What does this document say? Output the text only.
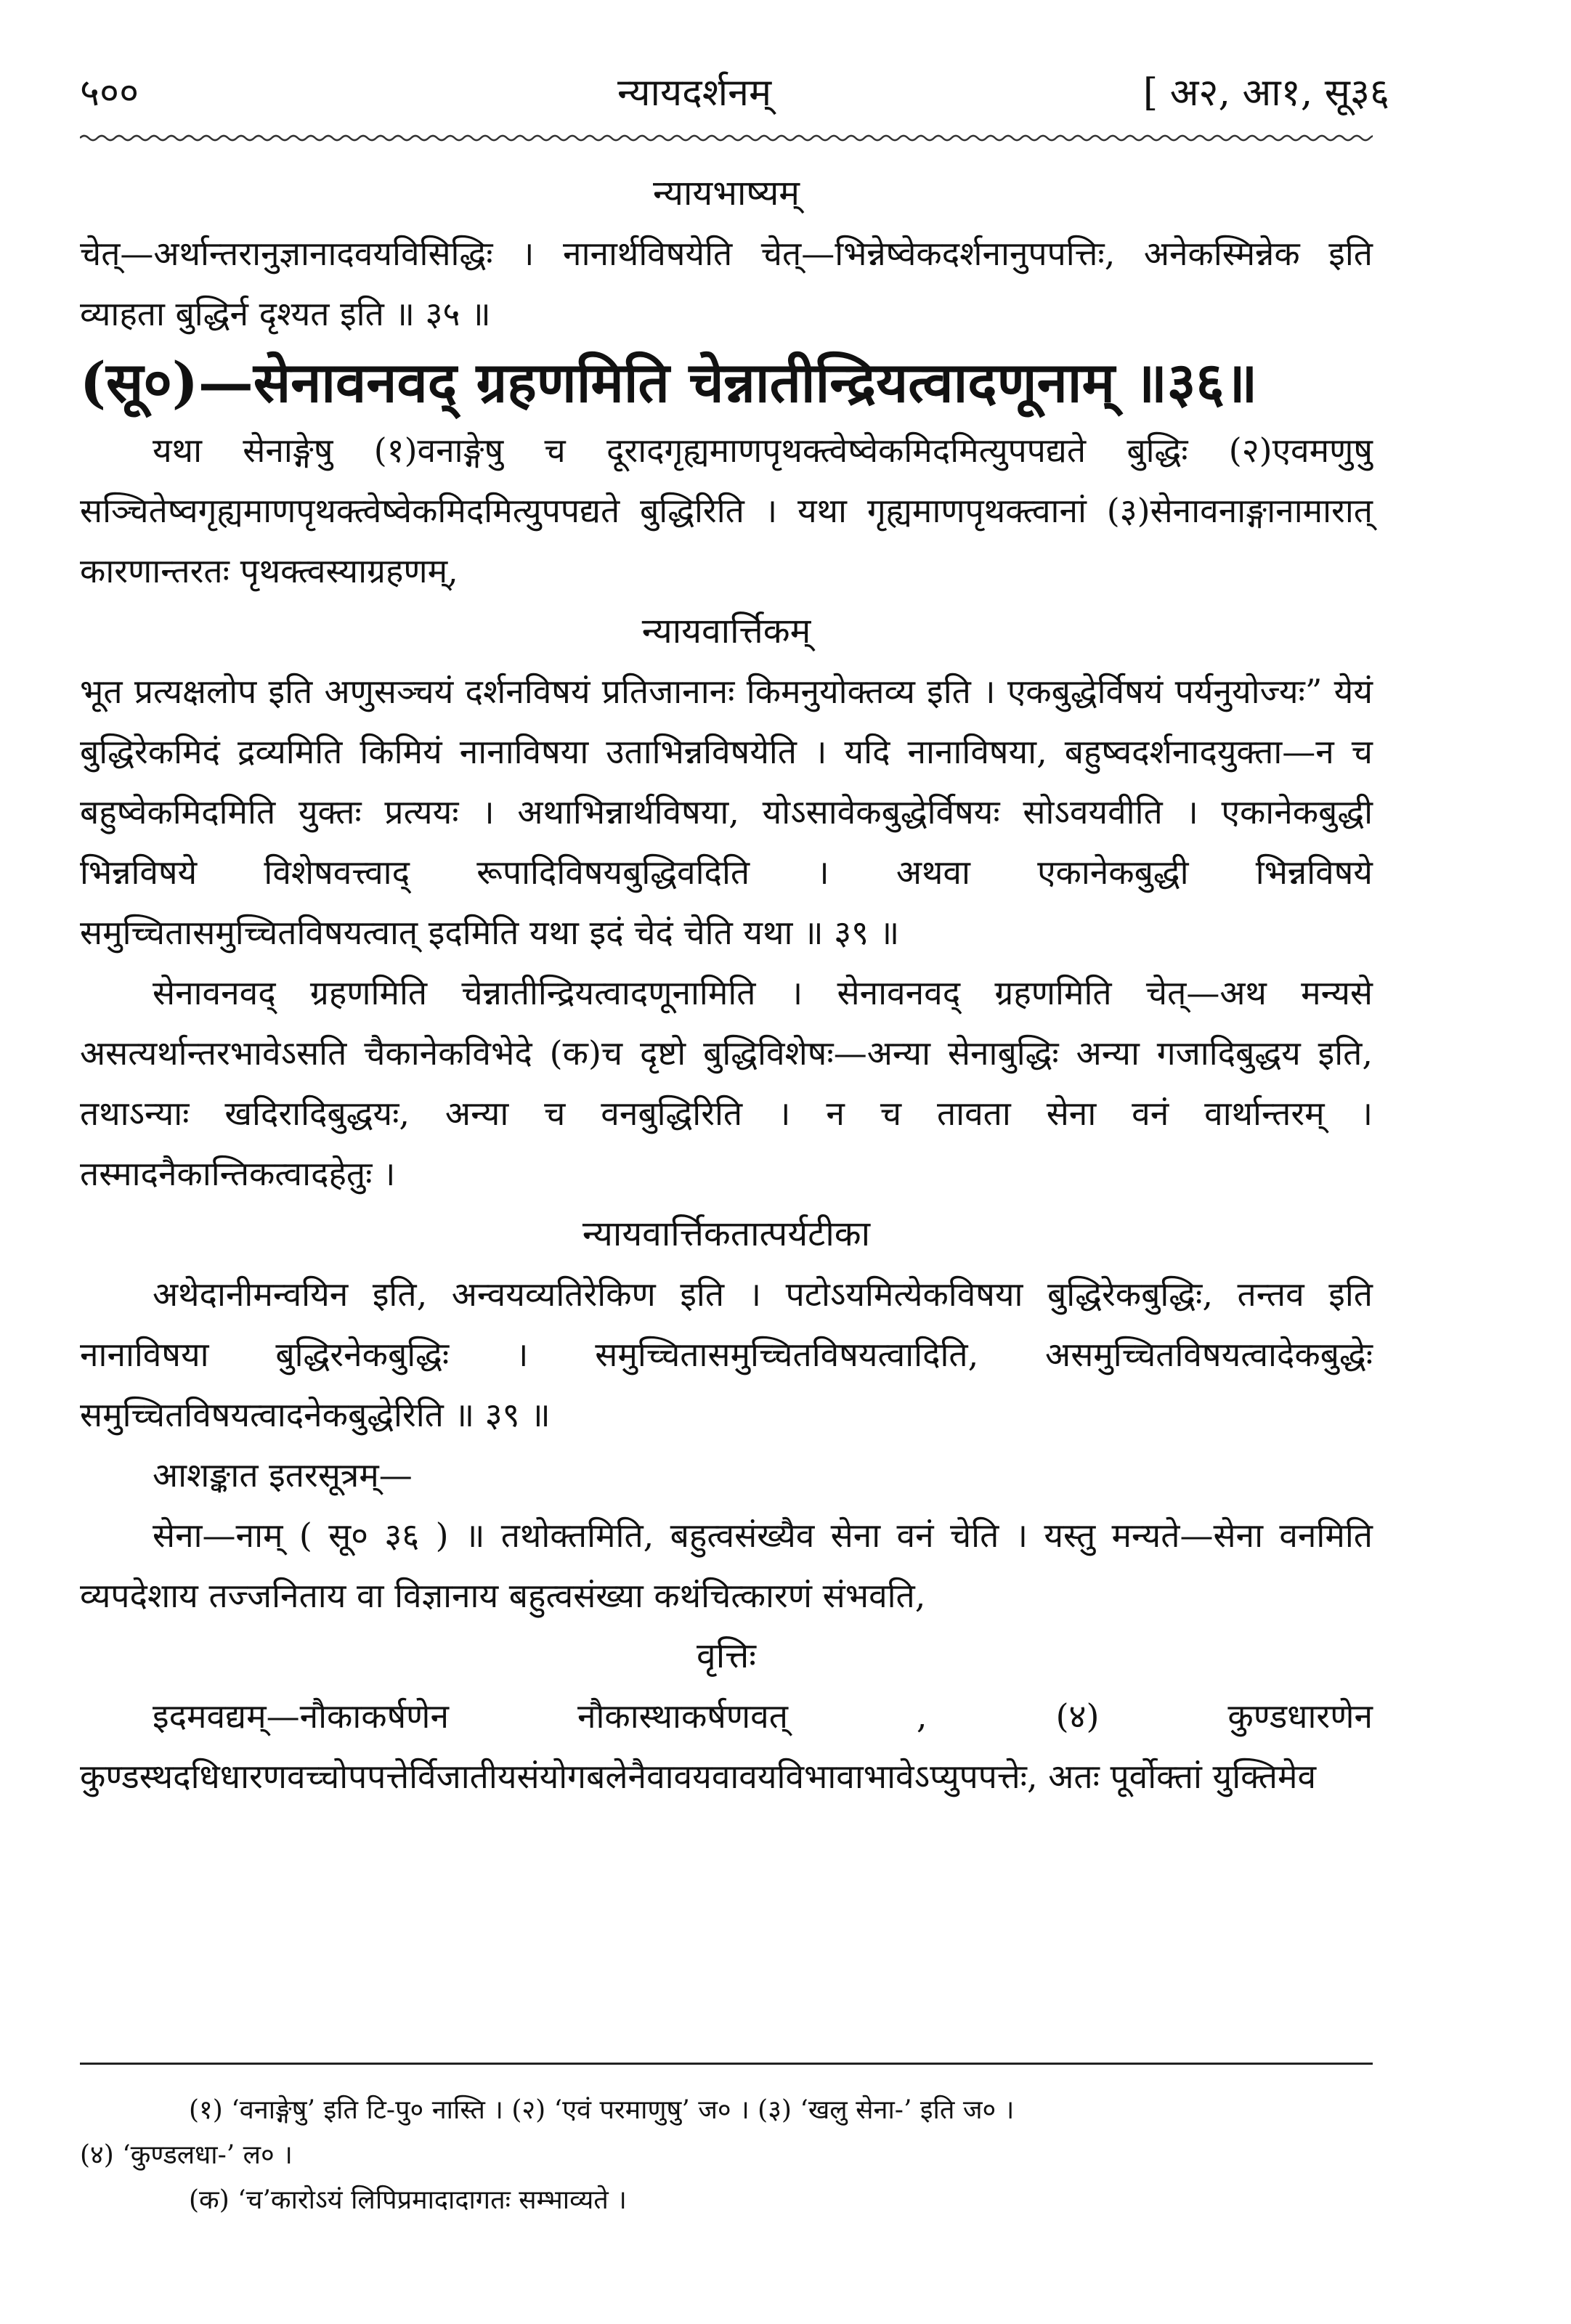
५००	न्यायदर्शनम्	[ अ२, आ१, सू३६

न्यायभाष्यम्

चेत्—अर्थान्तरानुज्ञानादवयविसिद्धिः । नानार्थविषयेति चेत्—भिन्नेष्वेकदर्शनानुपपत्तिः, अनेकस्मिन्नेक इति व्याहता बुद्धिर्न दृश्यत इति ॥ ३५ ॥

(सू०)—सेनावनवद् ग्रहणमिति चेन्नातीन्द्रियत्वादणूनाम् ॥३६॥

यथा सेनाङ्गेषु (१)वनाङ्गेषु च दूरादगृह्यमाणपृथक्त्वेष्वेकमिदमित्युपपद्यते बुद्धिः (२)एवमणुषु सञ्चितेष्वगृह्यमाणपृथक्त्वेष्वेकमिदमित्युपपद्यते बुद्धिरिति । यथा गृह्यमाणपृथक्त्वानां (३)सेनावनाङ्गानामारात् कारणान्तरतः पृथक्त्वस्याग्रहणम्,

न्यायवार्त्तिकम्

भूत प्रत्यक्षलोप इति अणुसञ्चयं दर्शनविषयं प्रतिजानानः किमनुयोक्तव्य इति । एकबुद्धेर्विषयं पर्यनुयोज्यः” येयं बुद्धिरेकमिदं द्रव्यमिति किमियं नानाविषया उताभिन्नविषयेति । यदि नानाविषया, बहुष्वदर्शनादयुक्ता—न च बहुष्वेकमिदमिति युक्तः प्रत्ययः । अथाभिन्नार्थविषया, योऽसावेकबुद्धेर्विषयः सोऽवयवीति । एकानेकबुद्धी भिन्नविषये विशेषवत्त्वाद् रूपादिविषयबुद्धिवदिति । अथवा एकानेकबुद्धी भिन्नविषये समुच्चितासमुच्चितविषयत्वात् इदमिति यथा इदं चेदं चेति यथा ॥ ३९ ॥

सेनावनवद् ग्रहणमिति चेन्नातीन्द्रियत्वादणूनामिति । सेनावनवद् ग्रहणमिति चेत्—अथ मन्यसे असत्यर्थान्तरभावेऽसति चैकानेकविभेदे (क)च दृष्टो बुद्धिविशेषः—अन्या सेनाबुद्धिः अन्या गजादिबुद्धय इति, तथाऽन्याः खदिरादिबुद्धयः, अन्या च वनबुद्धिरिति । न च तावता सेना वनं वार्थान्तरम् । तस्मादनैकान्तिकत्वादहेतुः ।

न्यायवार्त्तिकतात्पर्यटीका

अथेदानीमन्वयिन इति, अन्वयव्यतिरेकिण इति । पटोऽयमित्येकविषया बुद्धिरेकबुद्धिः, तन्तव इति नानाविषया बुद्धिरनेकबुद्धिः । समुच्चितासमुच्चितविषयत्वादिति, असमुच्चितविषयत्वादेकबुद्धेः समुच्चितविषयत्वादनेकबुद्धेरिति ॥ ३९ ॥

आशङ्कात इतरसूत्रम्—

सेना—नाम् ( सू० ३६ ) ॥ तथोक्तमिति, बहुत्वसंख्यैव सेना वनं चेति । यस्तु मन्यते—सेना वनमिति व्यपदेशाय तज्जनिताय वा विज्ञानाय बहुत्वसंख्या कथंचित्कारणं संभवति,

वृत्तिः

इदमवद्यम्—नौकाकर्षणेन नौकास्थाकर्षणवत् , (४) कुण्डधारणेन कुण्डस्थदधिधारणवच्चोपपत्तेर्विजातीयसंयोगबलेनैवावयवावयविभावाभावेऽप्युपपत्तेः, अतः पूर्वोक्तां युक्तिमेव

(१) ‘वनाङ्गेषु’ इति टि-पु० नास्ति । (२) ‘एवं परमाणुषु’ ज० । (३) ‘खलु सेना-’ इति ज० ।

(४) ‘कुण्डलधा-’ ल० ।

(क) ‘च’कारोऽयं लिपिप्रमादादागतः सम्भाव्यते ।
